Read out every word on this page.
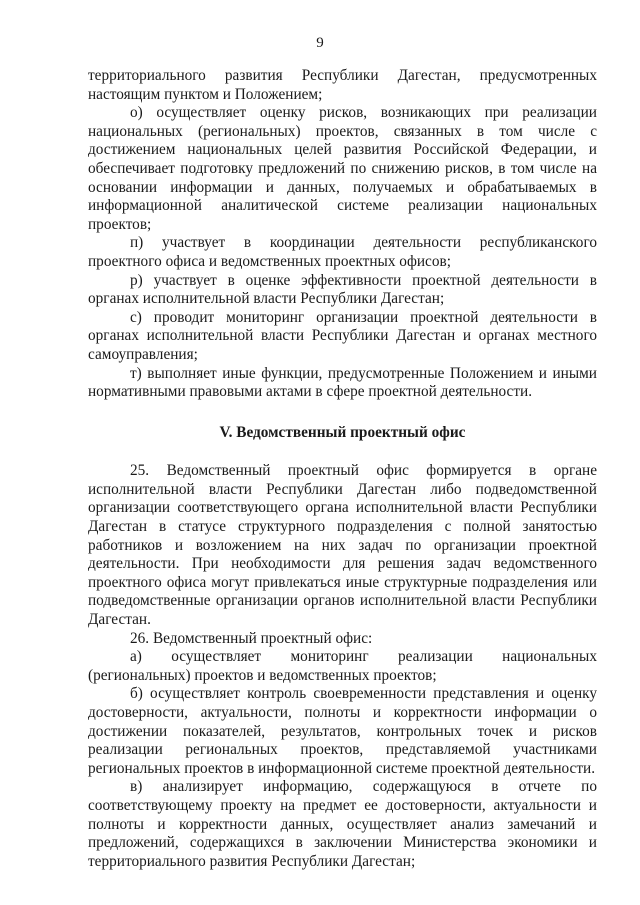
9

территориального развития Республики Дагестан, предусмотренных настоящим пунктом и Положением;

о) осуществляет оценку рисков, возникающих при реализации национальных (региональных) проектов, связанных в том числе с достижением национальных целей развития Российской Федерации, и обеспечивает подготовку предложений по снижению рисков, в том числе на основании информации и данных, получаемых и обрабатываемых в информационной аналитической системе реализации национальных проектов;

п) участвует в координации деятельности республиканского проектного офиса и ведомственных проектных офисов;

р) участвует в оценке эффективности проектной деятельности в органах исполнительной власти Республики Дагестан;

с) проводит мониторинг организации проектной деятельности в органах исполнительной власти Республики Дагестан и органах местного самоуправления;

т) выполняет иные функции, предусмотренные Положением и иными нормативными правовыми актами в сфере проектной деятельности.

V. Ведомственный проектный офис

25. Ведомственный проектный офис формируется в органе исполнительной власти Республики Дагестан либо подведомственной организации соответствующего органа исполнительной власти Республики Дагестан в статусе структурного подразделения с полной занятостью работников и возложением на них задач по организации проектной деятельности. При необходимости для решения задач ведомственного проектного офиса могут привлекаться иные структурные подразделения или подведомственные организации органов исполнительной власти Республики Дагестан.

26. Ведомственный проектный офис:

а) осуществляет мониторинг реализации национальных (региональных) проектов и ведомственных проектов;

б) осуществляет контроль своевременности представления и оценку достоверности, актуальности, полноты и корректности информации о достижении показателей, результатов, контрольных точек и рисков реализации региональных проектов, представляемой участниками региональных проектов в информационной системе проектной деятельности.

в) анализирует информацию, содержащуюся в отчете по соответствующему проекту на предмет ее достоверности, актуальности и полноты и корректности данных, осуществляет анализ замечаний и предложений, содержащихся в заключении Министерства экономики и территориального развития Республики Дагестан;
